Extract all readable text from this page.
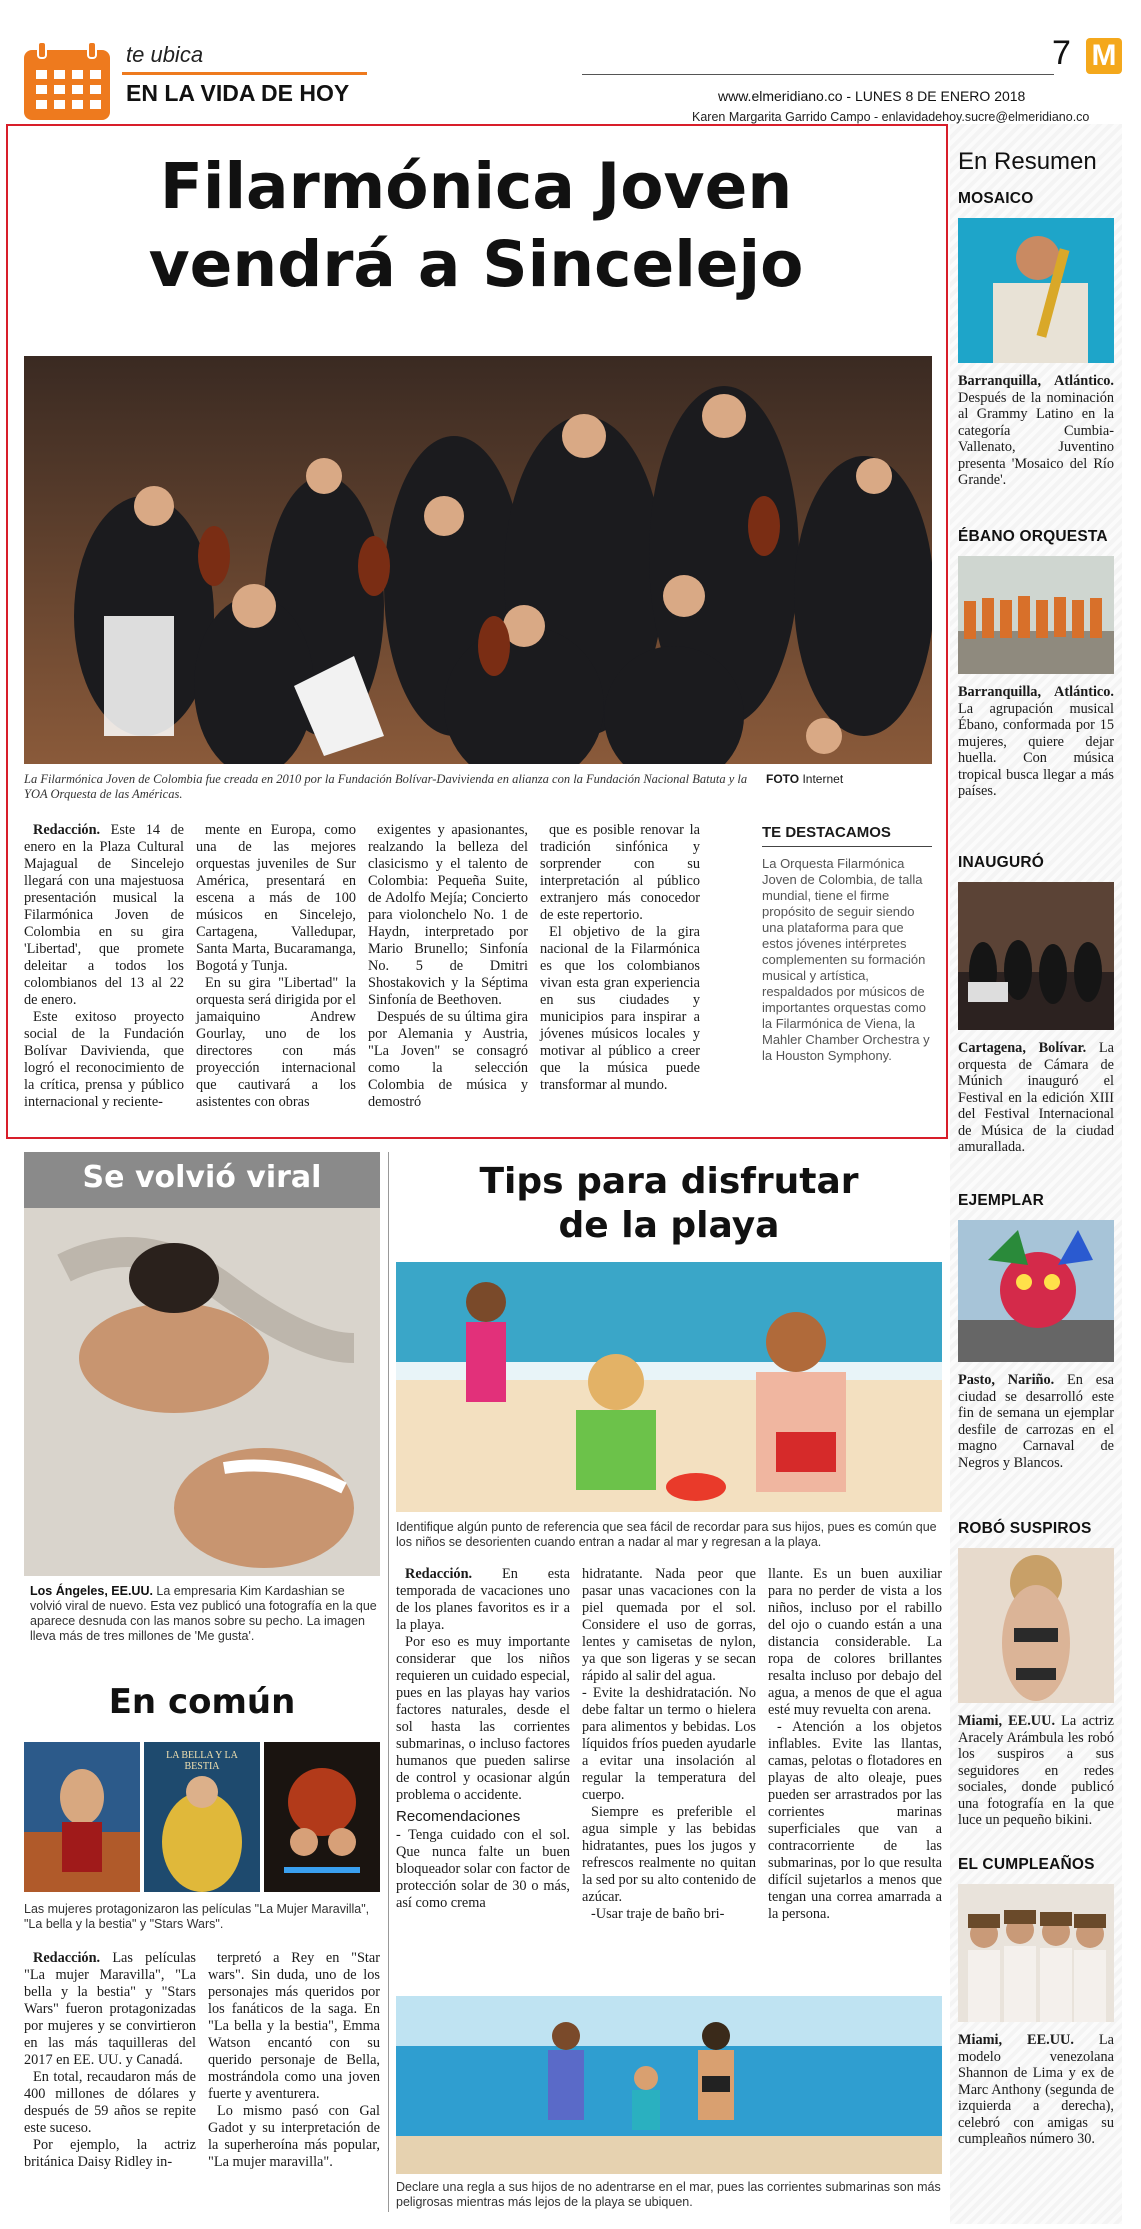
te ubica
EN LA VIDA DE HOY
7 M
www.elmeridiano.co - LUNES 8 DE ENERO 2018
Karen Margarita Garrido Campo - enlavidadehoy.sucre@elmeridiano.co
Filarmónica Joven
vendrá a Sincelejo
La Filarmónica Joven de Colombia fue creada en 2010 por la Fundación Bolívar-Davivienda en alianza con la Fundación Nacional Batuta y la YOA Orquesta de las Américas.
FOTO Internet

Redacción. Este 14 de enero en la Plaza Cultural Majagual de Sincelejo llegará con una majestuosa presentación musical la Filarmónica Joven de Colombia en su gira 'Libertad', que promete deleitar a todos los colombianos del 13 al 22 de enero.

Este exitoso proyecto social de la Fundación Bolívar Davivienda, que logró el reconocimiento de la crítica, prensa y público internacional y reciente-

mente en Europa, como una de las mejores orquestas juveniles de Sur América, presentará en escena a más de 100 músicos en Sincelejo, Cartagena, Valledupar, Santa Marta, Bucaramanga, Bogotá y Tunja.

En su gira "Libertad" la orquesta será dirigida por el jamaiquino Andrew Gourlay, uno de los directores con más proyección internacional que cautivará a los asistentes con obras

exigentes y apasionantes, realzando la belleza del clasicismo y el talento de Colombia: Pequeña Suite, de Adolfo Mejía; Concierto para violonchelo No. 1 de Haydn, interpretado por Mario Brunello; Sinfonía No. 5 de Dmitri Shostakovich y la Séptima Sinfonía de Beethoven.

Después de su última gira por Alemania y Austria, "La Joven" se consagró como la selección Colombia de música y demostró

que es posible renovar la tradición sinfónica y sorprender con su interpretación al público extranjero más conocedor de este repertorio.

El objetivo de la gira nacional de la Filarmónica es que los colombianos vivan esta gran experiencia en sus ciudades y municipios para inspirar a jóvenes músicos locales y motivar al público a creer que la música puede transformar al mundo.

TE DESTACAMOS
La Orquesta Filarmónica Joven de Colombia, de talla mundial, tiene el firme propósito de seguir siendo una plataforma para que estos jóvenes intérpretes complementen su formación musical y artística, respaldados por músicos de importantes orquestas como la Filarmónica de Viena, la Mahler Chamber Orchestra y la Houston Symphony.
En Resumen
MOSAICO
Barranquilla, Atlántico. Después de la nominación al Grammy Latino en la categoría Cumbia-Vallenato, Juventino presenta 'Mosaico del Río Grande'.
ÉBANO ORQUESTA
Barranquilla, Atlántico. La agrupación musical Ébano, conformada por 15 mujeres, quiere dejar huella. Con música tropical busca llegar a más países.
INAUGURÓ
Cartagena, Bolívar. La orquesta de Cámara de Múnich inauguró el Festival en la edición XIII del Festival Internacional de Música de la ciudad amurallada.
EJEMPLAR
Pasto, Nariño. En esa ciudad se desarrolló este fin de semana un ejemplar desfile de carrozas en el magno Carnaval de Negros y Blancos.
ROBÓ SUSPIROS
Miami, EE.UU. La actriz Aracely Arámbula les robó los suspiros a sus seguidores en redes sociales, donde publicó una fotografía en la que luce un pequeño bikini.
EL CUMPLEAÑOS
Miami, EE.UU. La modelo venezolana Shannon de Lima y ex de Marc Anthony (segunda de izquierda a derecha), celebró con amigas su cumpleaños número 30.
Se volvió viral
Los Ángeles, EE.UU. La empresaria Kim Kardashian se volvió viral de nuevo. Esta vez publicó una fotografía en la que aparece desnuda con las manos sobre su pecho. La imagen lleva más de tres millones de 'Me gusta'.
En común
LA BELLA Y LA BESTIA
Las mujeres protagonizaron las películas "La Mujer Maravilla", "La bella y la bestia" y "Stars Wars".

Redacción. Las películas "La mujer Maravilla", "La bella y la bestia" y "Stars Wars" fueron protagonizadas por mujeres y se convirtieron en las más taquilleras del 2017 en EE. UU. y Canadá.

En total, recaudaron más de 400 millones de dólares y después de 59 años se repite este suceso.

Por ejemplo, la actriz británica Daisy Ridley in-

terpretó a Rey en "Star wars". Sin duda, uno de los personajes más queridos por los fanáticos de la saga. En "La bella y la bestia", Emma Watson encantó con su querido personaje de Bella, mostrándola como una joven fuerte y aventurera.

Lo mismo pasó con Gal Gadot y su interpretación de la superheroína más popular, "La mujer maravilla".

Tips para disfrutar
de la playa
Identifique algún punto de referencia que sea fácil de recordar para sus hijos, pues es común que los niños se desorienten cuando entran a nadar al mar y regresan a la playa.

Redacción. En esta temporada de vacaciones uno de los planes favoritos es ir a la playa.

Por eso es muy importante considerar que los niños requieren un cuidado especial, pues en las playas hay varios factores naturales, desde el sol hasta las corrientes submarinas, o incluso factores humanos que pueden salirse de control y ocasionar algún problema o accidente.

Recomendaciones

- Tenga cuidado con el sol. Que nunca falte un buen bloqueador solar con factor de protección solar de 30 o más, así como crema

hidratante. Nada peor que pasar unas vacaciones con la piel quemada por el sol. Considere el uso de gorras, lentes y camisetas de nylon, ya que son ligeras y se secan rápido al salir del agua.

- Evite la deshidratación. No debe faltar un termo o hielera para alimentos y bebidas. Los líquidos fríos pueden ayudarle a evitar una insolación al regular la temperatura del cuerpo.

Siempre es preferible el agua simple y las bebidas hidratantes, pues los jugos y refrescos realmente no quitan la sed por su alto contenido de azúcar.

-Usar traje de baño bri-

llante. Es un buen auxiliar para no perder de vista a los niños, incluso por el rabillo del ojo o cuando están a una distancia considerable. La ropa de colores brillantes resalta incluso por debajo del agua, a menos de que el agua esté muy revuelta con arena.

- Atención a los objetos inflables. Evite las llantas, camas, pelotas o flotadores en playas de alto oleaje, pues pueden ser arrastrados por las corrientes marinas superficiales que van a contracorriente de las submarinas, por lo que resulta difícil sujetarlos a menos que tengan una correa amarrada a la persona.

Declare una regla a sus hijos de no adentrarse en el mar, pues las corrientes submarinas son más peligrosas mientras más lejos de la playa se ubiquen.
